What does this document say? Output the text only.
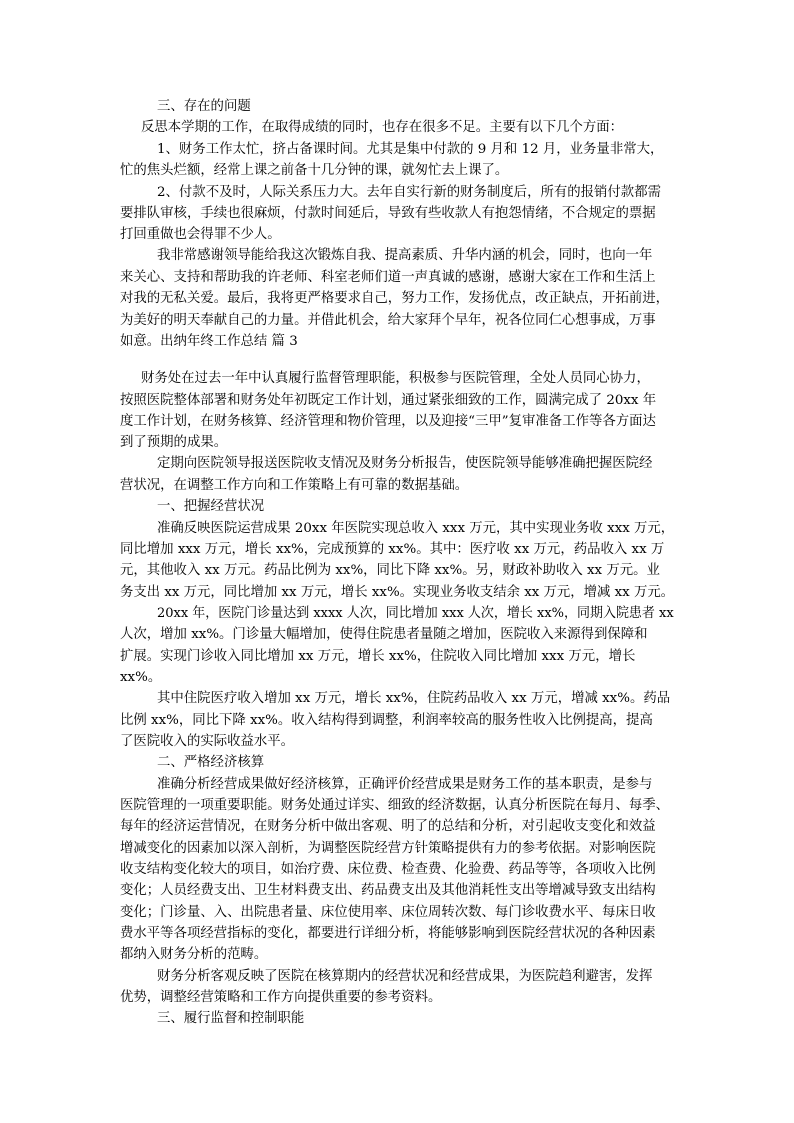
三、存在的问题

反思本学期的工作，在取得成绩的同时，也存在很多不足。主要有以下几个方面：

1、财务工作太忙，挤占备课时间。尤其是集中付款的 9 月和 12 月，业务量非常大，

忙的焦头烂额，经常上课之前备十几分钟的课，就匆忙去上课了。

2、付款不及时，人际关系压力大。去年自实行新的财务制度后，所有的报销付款都需

要排队审核，手续也很麻烦，付款时间延后，导致有些收款人有抱怨情绪，不合规定的票据

打回重做也会得罪不少人。

我非常感谢领导能给我这次锻炼自我、提高素质、升华内涵的机会，同时，也向一年

来关心、支持和帮助我的许老师、科室老师们道一声真诚的感谢，感谢大家在工作和生活上

对我的无私关爱。最后，我将更严格要求自己，努力工作，发扬优点，改正缺点，开拓前进，

为美好的明天奉献自己的力量。并借此机会，给大家拜个早年，祝各位同仁心想事成，万事

如意。出纳年终工作总结 篇 3

财务处在过去一年中认真履行监督管理职能，积极参与医院管理，全处人员同心协力，

按照医院整体部署和财务处年初既定工作计划，通过紧张细致的工作，圆满完成了 20xx 年

度工作计划，在财务核算、经济管理和物价管理，以及迎接“三甲”复审准备工作等各方面达

到了预期的成果。

定期向医院领导报送医院收支情况及财务分析报告，使医院领导能够准确把握医院经

营状况，在调整工作方向和工作策略上有可靠的数据基础。

一、把握经营状况

准确反映医院运营成果 20xx 年医院实现总收入 xxx 万元，其中实现业务收 xxx 万元，

同比增加 xxx 万元，增长 xx%，完成预算的 xx%。其中：医疗收 xx 万元，药品收入 xx 万

元，其他收入 xx 万元。药品比例为 xx%，同比下降 xx%。另，财政补助收入 xx 万元。业

务支出 xx 万元，同比增加 xx 万元，增长 xx%。实现业务收支结余 xx 万元，增减 xx 万元。

20xx 年，医院门诊量达到 xxxx 人次，同比增加 xxx 人次，增长 xx%，同期入院患者 xx

人次，增加 xx%。门诊量大幅增加，使得住院患者量随之增加，医院收入来源得到保障和

扩展。实现门诊收入同比增加 xx 万元，增长 xx%，住院收入同比增加 xxx 万元，增长

xx%。

其中住院医疗收入增加 xx 万元，增长 xx%，住院药品收入 xx 万元，增减 xx%。药品

比例 xx%，同比下降 xx%。收入结构得到调整，利润率较高的服务性收入比例提高，提高

了医院收入的实际收益水平。

二、严格经济核算

准确分析经营成果做好经济核算，正确评价经营成果是财务工作的基本职责，是参与

医院管理的一项重要职能。财务处通过详实、细致的经济数据，认真分析医院在每月、每季、

每年的经济运营情况，在财务分析中做出客观、明了的总结和分析，对引起收支变化和效益

增减变化的因素加以深入剖析，为调整医院经营方针策略提供有力的参考依据。对影响医院

收支结构变化较大的项目，如治疗费、床位费、检查费、化验费、药品等等，各项收入比例

变化；人员经费支出、卫生材料费支出、药品费支出及其他消耗性支出等增减导致支出结构

变化；门诊量、入、出院患者量、床位使用率、床位周转次数、每门诊收费水平、每床日收

费水平等各项经营指标的变化，都要进行详细分析，将能够影响到医院经营状况的各种因素

都纳入财务分析的范畴。

财务分析客观反映了医院在核算期内的经营状况和经营成果，为医院趋利避害，发挥

优势，调整经营策略和工作方向提供重要的参考资料。

三、履行监督和控制职能
